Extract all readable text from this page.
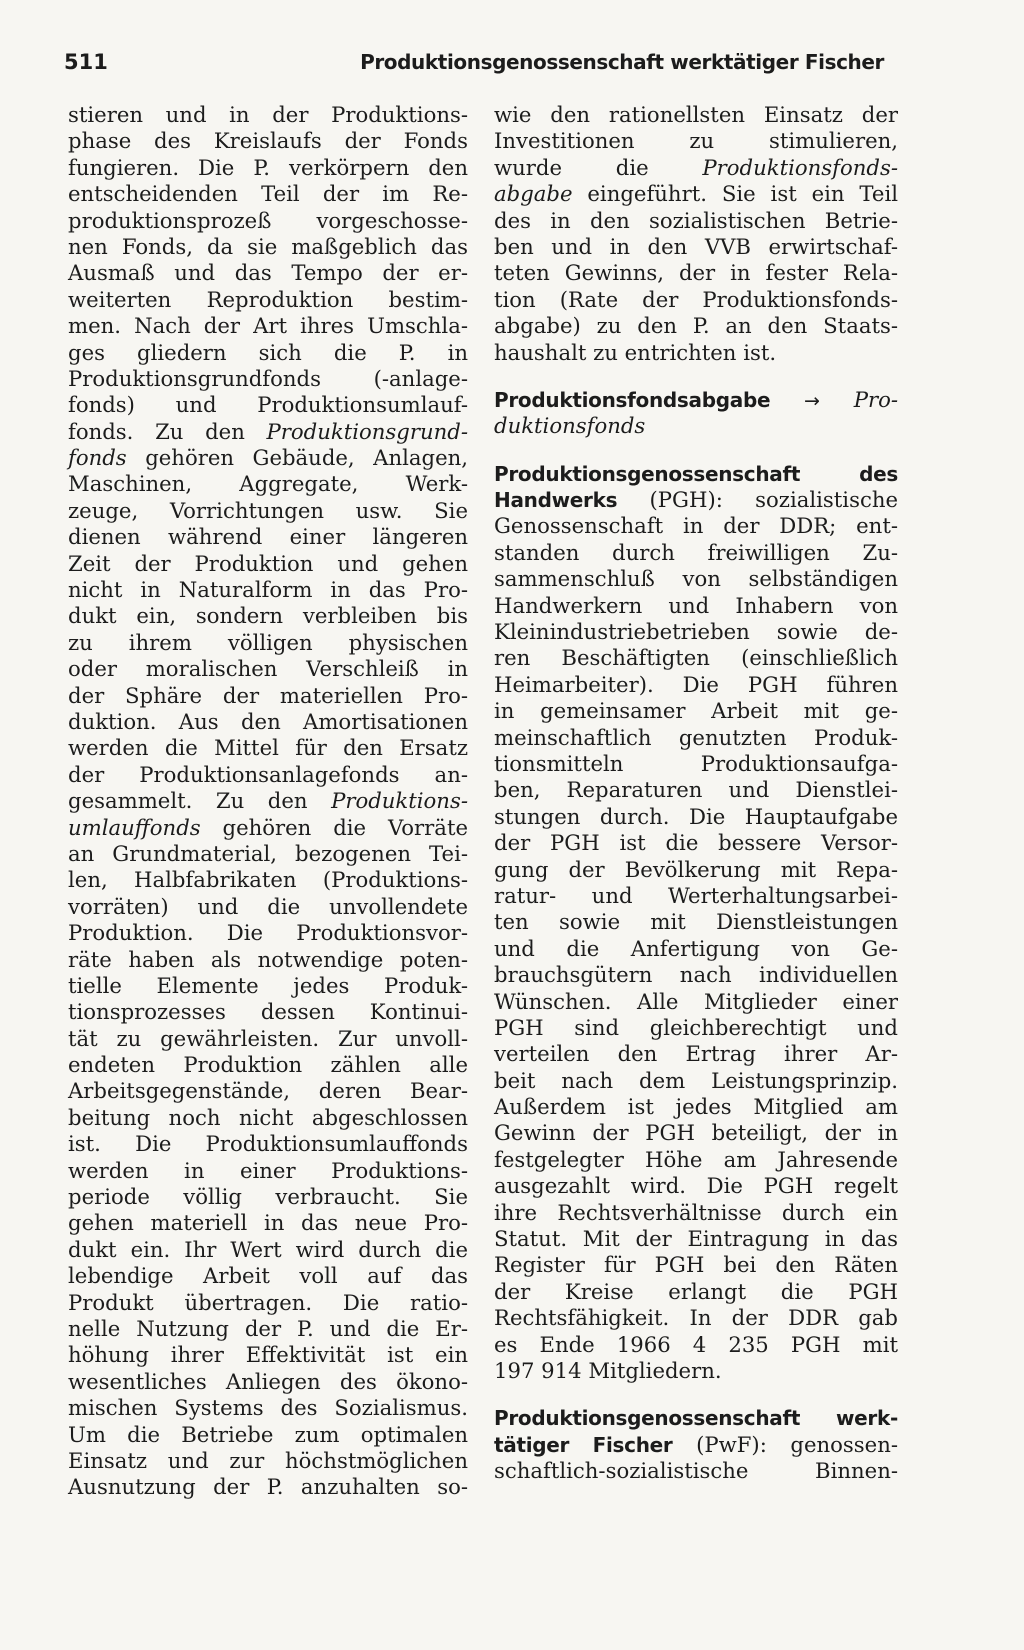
511	Produktionsgenossenschaft werktätiger Fischer
stieren und in der Produktions-
phase des Kreislaufs der Fonds
fungieren. Die P. verkörpern den
entscheidenden Teil der im Re-
produktionsprozeß vorgeschosse-
nen Fonds, da sie maßgeblich das
Ausmaß und das Tempo der er-
weiterten Reproduktion bestim-
men. Nach der Art ihres Umschla-
ges gliedern sich die P. in
Produktionsgrundfonds (-anlage-
fonds) und Produktionsumlauf-
fonds. Zu den Produktionsgrund-
fonds gehören Gebäude, Anlagen,
Maschinen, Aggregate, Werk-
zeuge, Vorrichtungen usw. Sie
dienen während einer längeren
Zeit der Produktion und gehen
nicht in Naturalform in das Pro-
dukt ein, sondern verbleiben bis
zu ihrem völligen physischen
oder moralischen Verschleiß in
der Sphäre der materiellen Pro-
duktion. Aus den Amortisationen
werden die Mittel für den Ersatz
der Produktionsanlagefonds an-
gesammelt. Zu den Produktions-
umlauffonds gehören die Vorräte
an Grundmaterial, bezogenen Tei-
len, Halbfabrikaten (Produktions-
vorräten) und die unvollendete
Produktion. Die Produktionsvor-
räte haben als notwendige poten-
tielle Elemente jedes Produk-
tionsprozesses dessen Kontinui-
tät zu gewährleisten. Zur unvoll-
endeten Produktion zählen alle
Arbeitsgegenstände, deren Bear-
beitung noch nicht abgeschlossen
ist. Die Produktionsumlauffonds
werden in einer Produktions-
periode völlig verbraucht. Sie
gehen materiell in das neue Pro-
dukt ein. Ihr Wert wird durch die
lebendige Arbeit voll auf das
Produkt übertragen. Die ratio-
nelle Nutzung der P. und die Er-
höhung ihrer Effektivität ist ein
wesentliches Anliegen des ökono-
mischen Systems des Sozialismus.
Um die Betriebe zum optimalen
Einsatz und zur höchstmöglichen
Ausnutzung der P. anzuhalten so-
wie den rationellsten Einsatz der
Investitionen zu stimulieren,
wurde die Produktionsfonds-
abgabe eingeführt. Sie ist ein Teil
des in den sozialistischen Betrie-
ben und in den VVB erwirtschaf-
teten Gewinns, der in fester Rela-
tion (Rate der Produktionsfonds-
abgabe) zu den P. an den Staats-
haushalt zu entrichten ist.
Produktionsfondsabgabe → Pro-
duktionsfonds
Produktionsgenossenschaft	des
Handwerks (PGH): sozialistische
Genossenschaft in der DDR; ent-
standen durch freiwilligen Zu-
sammenschluß von selbständigen
Handwerkern und Inhabern von
Kleinindustriebetrieben sowie de-
ren Beschäftigten (einschließlich
Heimarbeiter). Die PGH führen
in gemeinsamer Arbeit mit ge-
meinschaftlich genutzten Produk-
tionsmitteln Produktionsaufga-
ben, Reparaturen und Dienstlei-
stungen durch. Die Hauptaufgabe
der PGH ist die bessere Versor-
gung der Bevölkerung mit Repa-
ratur- und Werterhaltungsarbei-
ten sowie mit Dienstleistungen
und die Anfertigung von Ge-
brauchsgütern nach individuellen
Wünschen. Alle Mitglieder einer
PGH sind gleichberechtigt und
verteilen den Ertrag ihrer Ar-
beit nach dem Leistungsprinzip.
Außerdem ist jedes Mitglied am
Gewinn der PGH beteiligt, der in
festgelegter Höhe am Jahresende
ausgezahlt wird. Die PGH regelt
ihre Rechtsverhältnisse durch ein
Statut. Mit der Eintragung in das
Register für PGH bei den Räten
der Kreise erlangt die PGH
Rechtsfähigkeit. In der DDR gab
es Ende 1966 4 235 PGH mit
197 914 Mitgliedern.
Produktionsgenossenschaft werk-
tätiger Fischer (PwF): genossen-
schaftlich-sozialistische Binnen-
